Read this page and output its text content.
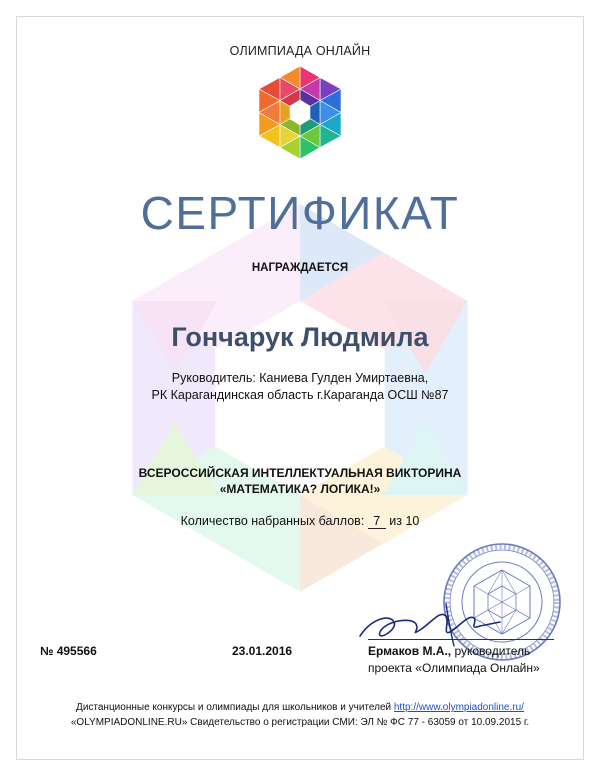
ОЛИМПИАДА ОНЛАЙН
СЕРТИФИКАТ
НАГРАЖДАЕТСЯ
Гончарук Людмила
Руководитель: Каниева Гулден Умиртаевна,
РК Карагандинская область г.Караганда ОСШ №87
ВСЕРОССИЙСКАЯ ИНТЕЛЛЕКТУАЛЬНАЯ ВИКТОРИНА
«МАТЕМАТИКА? ЛОГИКА!»
Количество набранных баллов: 7 из 10
№ 495566	23.01.2016	Ермаков М.А., руководитель
проекта «Олимпиада Онлайн»
Дистанционные конкурсы и олимпиады для школьников и учителей http://www.olympiadonline.ru/
«OLYMPIADONLINE.RU» Свидетельство о регистрации СМИ: ЭЛ № ФС 77 - 63059 от 10.09.2015 г.
